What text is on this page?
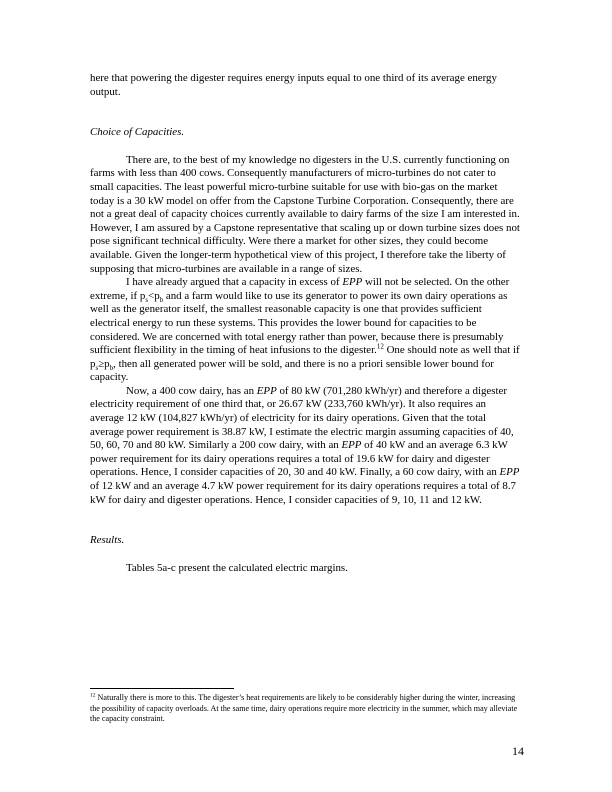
here that powering the digester requires energy inputs equal to one third of its average energy output.

Choice of Capacities.

There are, to the best of my knowledge no digesters in the U.S. currently functioning on farms with less than 400 cows. Consequently manufacturers of micro-turbines do not cater to small capacities. The least powerful micro-turbine suitable for use with bio-gas on the market today is a 30 kW model on offer from the Capstone Turbine Corporation. Consequently, there are not a great deal of capacity choices currently available to dairy farms of the size I am interested in. However, I am assured by a Capstone representative that scaling up or down turbine sizes does not pose significant technical difficulty. Were there a market for other sizes, they could become available. Given the longer-term hypothetical view of this project, I therefore take the liberty of supposing that micro-turbines are available in a range of sizes.

I have already argued that a capacity in excess of EPP will not be selected. On the other extreme, if $p_s<p_b$ and a farm would like to use its generator to power its own dairy operations as well as the generator itself, the smallest reasonable capacity is one that provides sufficient electrical energy to run these systems. This provides the lower bound for capacities to be considered. We are concerned with total energy rather than power, because there is presumably sufficient flexibility in the timing of heat infusions to the digester.$^{12}$ One should note as well that if $p_s\ge p_b$, then all generated power will be sold, and there is no a priori sensible lower bound for capacity.

Now, a 400 cow dairy, has an EPP of 80 kW (701,280 kWh/yr) and therefore a digester electricity requirement of one third that, or 26.67 kW (233,760 kWh/yr). It also requires an average 12 kW (104,827 kWh/yr) of electricity for its dairy operations. Given that the total average power requirement is 38.87 kW, I estimate the electric margin assuming capacities of 40, 50, 60, 70 and 80 kW. Similarly a 200 cow dairy, with an EPP of 40 kW and an average 6.3 kW power requirement for its dairy operations requires a total of 19.6 kW for dairy and digester operations. Hence, I consider capacities of 20, 30 and 40 kW. Finally, a 60 cow dairy, with an EPP of 12 kW and an average 4.7 kW power requirement for its dairy operations requires a total of 8.7 kW for dairy and digester operations. Hence, I consider capacities of 9, 10, 11 and 12 kW.

Results.

Tables 5a-c present the calculated electric margins.

$^{12}$ Naturally there is more to this. The digester’s heat requirements are likely to be considerably higher during the winter, increasing the possibility of capacity overloads. At the same time, dairy operations require more electricity in the summer, which may alleviate the capacity constraint.

14
